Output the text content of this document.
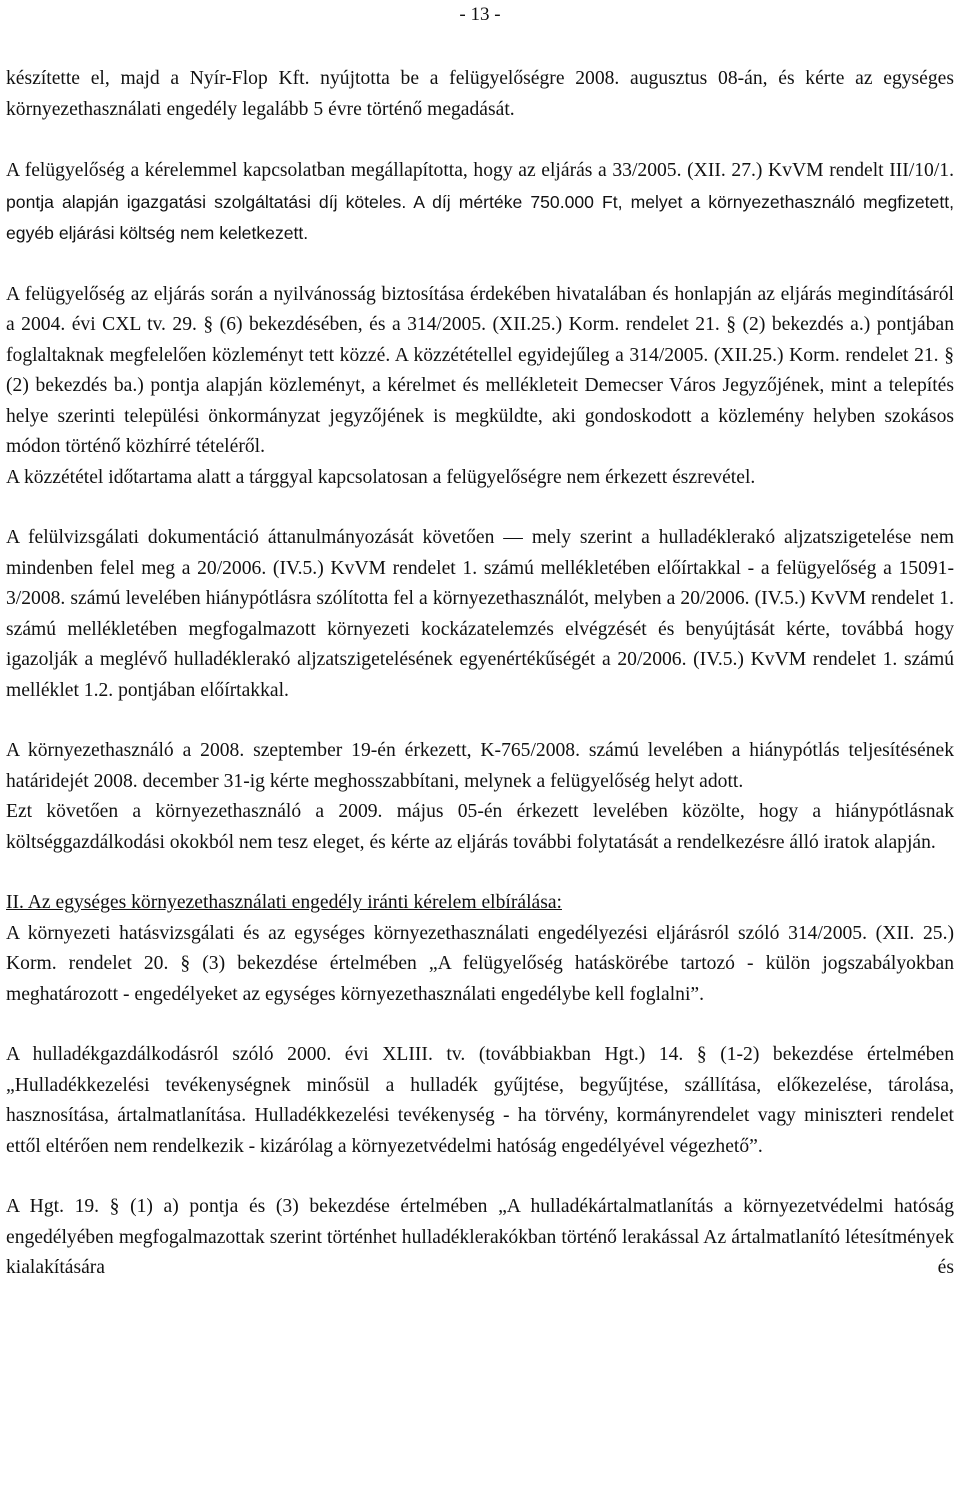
- 13 -

készítette el, majd a Nyír-Flop Kft. nyújtotta be a felügyelőségre 2008. augusztus 08-án, és kérte az egységes környezethasználati engedély legalább 5 évre történő megadását.

A felügyelőség a kérelemmel kapcsolatban megállapította, hogy az eljárás a 33/2005. (XII. 27.) KvVM rendelt III/10/1. pontja alapján igazgatási szolgáltatási díj köteles. A díj mértéke 750.000 Ft, melyet a környezethasználó megfizetett, egyéb eljárási költség nem keletkezett.

A felügyelőség az eljárás során a nyilvánosság biztosítása érdekében hivatalában és honlapján az eljárás megindításáról a 2004. évi CXL tv. 29. § (6) bekezdésében, és a 314/2005. (XII.25.) Korm. rendelet 21. § (2) bekezdés a.) pontjában foglaltaknak megfelelően közleményt tett közzé. A közzététellel egyidejűleg a 314/2005. (XII.25.) Korm. rendelet 21. § (2) bekezdés ba.) pontja alapján közleményt, a kérelmet és mellékleteit Demecser Város Jegyzőjének, mint a telepítés helye szerinti települési önkormányzat jegyzőjének is megküldte, aki gondoskodott a közlemény helyben szokásos módon történő közhírré tételéről.

A közzététel időtartama alatt a tárggyal kapcsolatosan a felügyelőségre nem érkezett észrevétel.

A felülvizsgálati dokumentáció áttanulmányozását követően — mely szerint a hulladéklerakó aljzatszigetelése nem mindenben felel meg a 20/2006. (IV.5.) KvVM rendelet 1. számú mellékletében előírtakkal - a felügyelőség a 15091-3/2008. számú levelében hiánypótlásra szólította fel a környezethasználót, melyben a 20/2006. (IV.5.) KvVM rendelet 1. számú mellékletében megfogalmazott környezeti kockázatelemzés elvégzését és benyújtását kérte, továbbá hogy igazolják a meglévő hulladéklerakó aljzatszigetelésének egyenértékűségét a 20/2006. (IV.5.) KvVM rendelet 1. számú melléklet 1.2. pontjában előírtakkal.

A környezethasználó a 2008. szeptember 19-én érkezett, K-765/2008. számú levelében a hiánypótlás teljesítésének határidejét 2008. december 31-ig kérte meghosszabbítani, melynek a felügyelőség helyt adott.

Ezt követően a környezethasználó a 2009. május 05-én érkezett levelében közölte, hogy a hiánypótlásnak költséggazdálkodási okokból nem tesz eleget, és kérte az eljárás további folytatását a rendelkezésre álló iratok alapján.

II. Az egységes környezethasználati engedély iránti kérelem elbírálása:

A környezeti hatásvizsgálati és az egységes környezethasználati engedélyezési eljárásról szóló 314/2005. (XII. 25.) Korm. rendelet 20. § (3) bekezdése értelmében „A felügyelőség hatáskörébe tartozó - külön jogszabályokban meghatározott - engedélyeket az egységes környezethasználati engedélybe kell foglalni”.

A hulladékgazdálkodásról szóló 2000. évi XLIII. tv. (továbbiakban Hgt.) 14. § (1-2) bekezdése értelmében „Hulladékkezelési tevékenységnek minősül a hulladék gyűjtése, begyűjtése, szállítása, előkezelése, tárolása, hasznosítása, ártalmatlanítása. Hulladékkezelési tevékenység - ha törvény, kormányrendelet vagy miniszteri rendelet ettől eltérően nem rendelkezik - kizárólag a környezetvédelmi hatóság engedélyével végezhető”.

A Hgt. 19. § (1) a) pontja és (3) bekezdése értelmében „A hulladékártalmatlanítás a környezetvédelmi hatóság engedélyében megfogalmazottak szerint történhet hulladéklerakókban történő lerakással Az ártalmatlanító létesítmények kialakítására és
